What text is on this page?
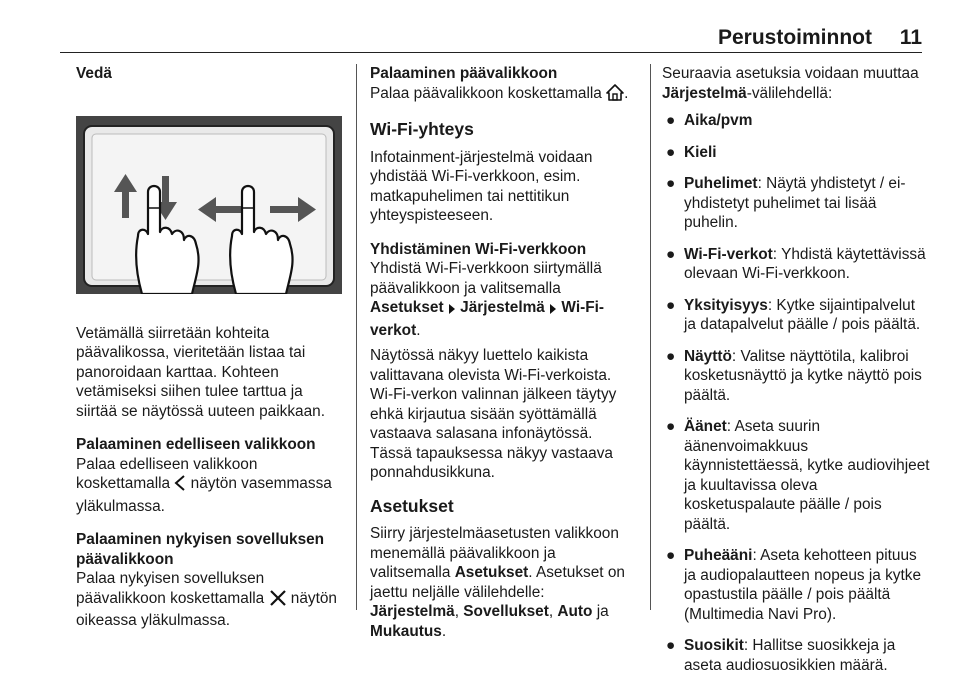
Perustoiminnot 11
Vedä

Vetämällä siirretään kohteita päävalikossa, vieritetään listaa tai panoroidaan karttaa. Kohteen vetämiseksi siihen tulee tarttua ja siirtää se näytössä uuteen paikkaan.

Palaaminen edelliseen valikkoon

Palaa edelliseen valikkoon koskettamalla näytön vasemmassa yläkulmassa.

Palaaminen nykyisen sovelluksen päävalikkoon

Palaa nykyisen sovelluksen päävalikkoon koskettamalla näytön oikeassa yläkulmassa.

Palaaminen päävalikkoon

Palaa päävalikkoon koskettamalla .

Wi-Fi-yhteys

Infotainment-järjestelmä voidaan yhdistää Wi-Fi-verkkoon, esim. matkapuhelimen tai nettitikun yhteyspisteeseen.

Yhdistäminen Wi-Fi-verkkoon

Yhdistä Wi-Fi-verkkoon siirtymällä päävalikkoon ja valitsemalla Asetukset Järjestelmä Wi-Fi-verkot.

Näytössä näkyy luettelo kaikista valittavana olevista Wi-Fi-verkoista. Wi-Fi-verkon valinnan jälkeen täytyy ehkä kirjautua sisään syöttämällä vastaava salasana infonäytössä. Tässä tapauksessa näkyy vastaava ponnahdusikkuna.

Asetukset

Siirry järjestelmäasetusten valikkoon menemällä päävalikkoon ja valitsemalla Asetukset. Asetukset on jaettu neljälle välilehdelle: Järjestelmä, Sovellukset, Auto ja Mukautus.

Seuraavia asetuksia voidaan muuttaa Järjestelmä-välilehdellä:

● Aika/pvm
● Kieli
● Puhelimet: Näytä yhdistetyt / ei-yhdistetyt puhelimet tai lisää puhelin.
● Wi-Fi-verkot: Yhdistä käytettävissä olevaan Wi-Fi-verkkoon.
● Yksityisyys: Kytke sijaintipalvelut ja datapalvelut päälle / pois päältä.
● Näyttö: Valitse näyttötila, kalibroi kosketusnäyttö ja kytke näyttö pois päältä.
● Äänet: Aseta suurin äänenvoimakkuus käynnistettäessä, kytke audiovihjeet ja kuultavissa oleva kosketuspalaute päälle / pois päältä.
● Puheääni: Aseta kehotteen pituus ja audiopalautteen nopeus ja kytke opastustila päälle / pois päältä (Multimedia Navi Pro).
● Suosikit: Hallitse suosikkeja ja aseta audiosuosikkien määrä.
